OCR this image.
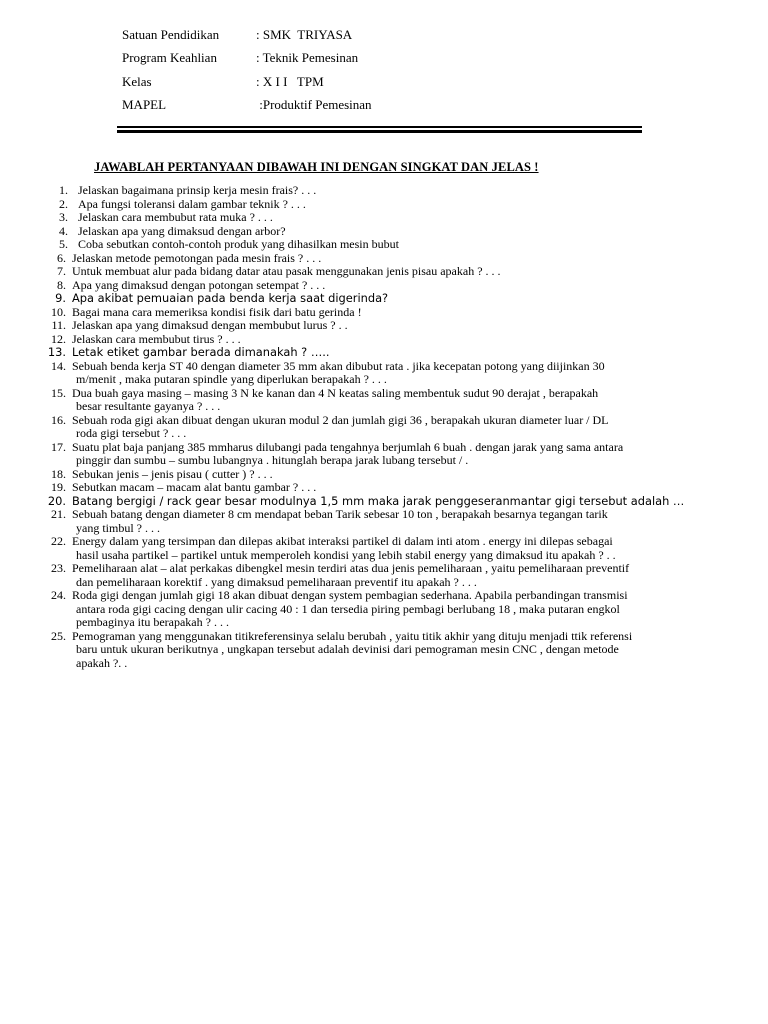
Satuan Pendidikan	: SMK  TRIYASA
Program Keahlian	: Teknik Pemesinan
Kelas	: X I I   TPM
MAPEL	:Produktif Pemesinan
JAWABLAH PERTANYAAN DIBAWAH INI DENGAN SINGKAT DAN JELAS !
1. Jelaskan bagaimana prinsip kerja mesin frais? . . .
2. Apa fungsi toleransi dalam gambar teknik ? . . .
3. Jelaskan cara membubut rata muka ? . . .
4. Jelaskan apa yang dimaksud dengan arbor?
5. Coba sebutkan contoh-contoh produk yang dihasilkan mesin bubut
6. Jelaskan metode pemotongan pada mesin frais ? . . .
7. Untuk membuat alur pada bidang datar atau pasak menggunakan jenis pisau apakah ? . . .
8. Apa yang dimaksud dengan potongan setempat ? . . .
9. Apa akibat pemuaian pada benda kerja saat digerinda?
10. Bagai mana cara memeriksa kondisi fisik dari batu gerinda !
11. Jelaskan apa yang dimaksud dengan membubut lurus ? . .
12. Jelaskan cara membubut tirus ? . . .
13. Letak etiket gambar berada dimanakah ? …..
14. Sebuah benda kerja ST 40 dengan diameter 35 mm akan dibubut rata . jika kecepatan potong yang diijinkan 30
m/menit , maka putaran spindle yang diperlukan berapakah ? . . .
15. Dua buah gaya masing – masing 3 N ke kanan dan 4 N keatas saling membentuk sudut 90 derajat , berapakah
besar resultante gayanya ? . . .
16. Sebuah roda gigi akan dibuat dengan ukuran modul 2 dan jumlah gigi 36 , berapakah ukuran diameter luar / DL
roda gigi tersebut ? . . .
17. Suatu plat baja panjang 385 mmharus dilubangi pada tengahnya berjumlah 6 buah . dengan jarak yang sama antara
pinggir dan sumbu – sumbu lubangnya . hitunglah berapa jarak lubang tersebut / .
18. Sebukan jenis – jenis pisau ( cutter ) ? . . .
19. Sebutkan macam – macam alat bantu gambar ? . . .
20. Batang bergigi / rack gear besar modulnya 1,5 mm maka jarak penggeseranmantar gigi tersebut adalah …
21. Sebuah batang dengan diameter 8 cm mendapat beban Tarik sebesar 10 ton , berapakah besarnya tegangan tarik
yang timbul ? . . .
22. Energy dalam yang tersimpan dan dilepas akibat interaksi partikel di dalam inti atom . energy ini dilepas sebagai
hasil usaha partikel – partikel untuk memperoleh kondisi yang lebih stabil energy yang dimaksud itu apakah ? . .
23. Pemeliharaan alat – alat perkakas dibengkel mesin terdiri atas dua jenis pemeliharaan , yaitu pemeliharaan preventif
dan pemeliharaan korektif . yang dimaksud pemeliharaan preventif itu apakah ? . . .
24. Roda gigi dengan jumlah gigi 18 akan dibuat dengan system pembagian sederhana. Apabila perbandingan transmisi
antara roda gigi cacing dengan ulir cacing 40 : 1 dan tersedia piring pembagi berlubang 18 , maka putaran engkol
pembaginya itu berapakah ? . . .
25. Pemograman yang menggunakan titikreferensinya selalu berubah , yaitu titik akhir yang dituju menjadi ttik referensi
baru untuk ukuran berikutnya , ungkapan tersebut adalah devinisi dari pemograman mesin CNC , dengan metode
apakah ?. .
